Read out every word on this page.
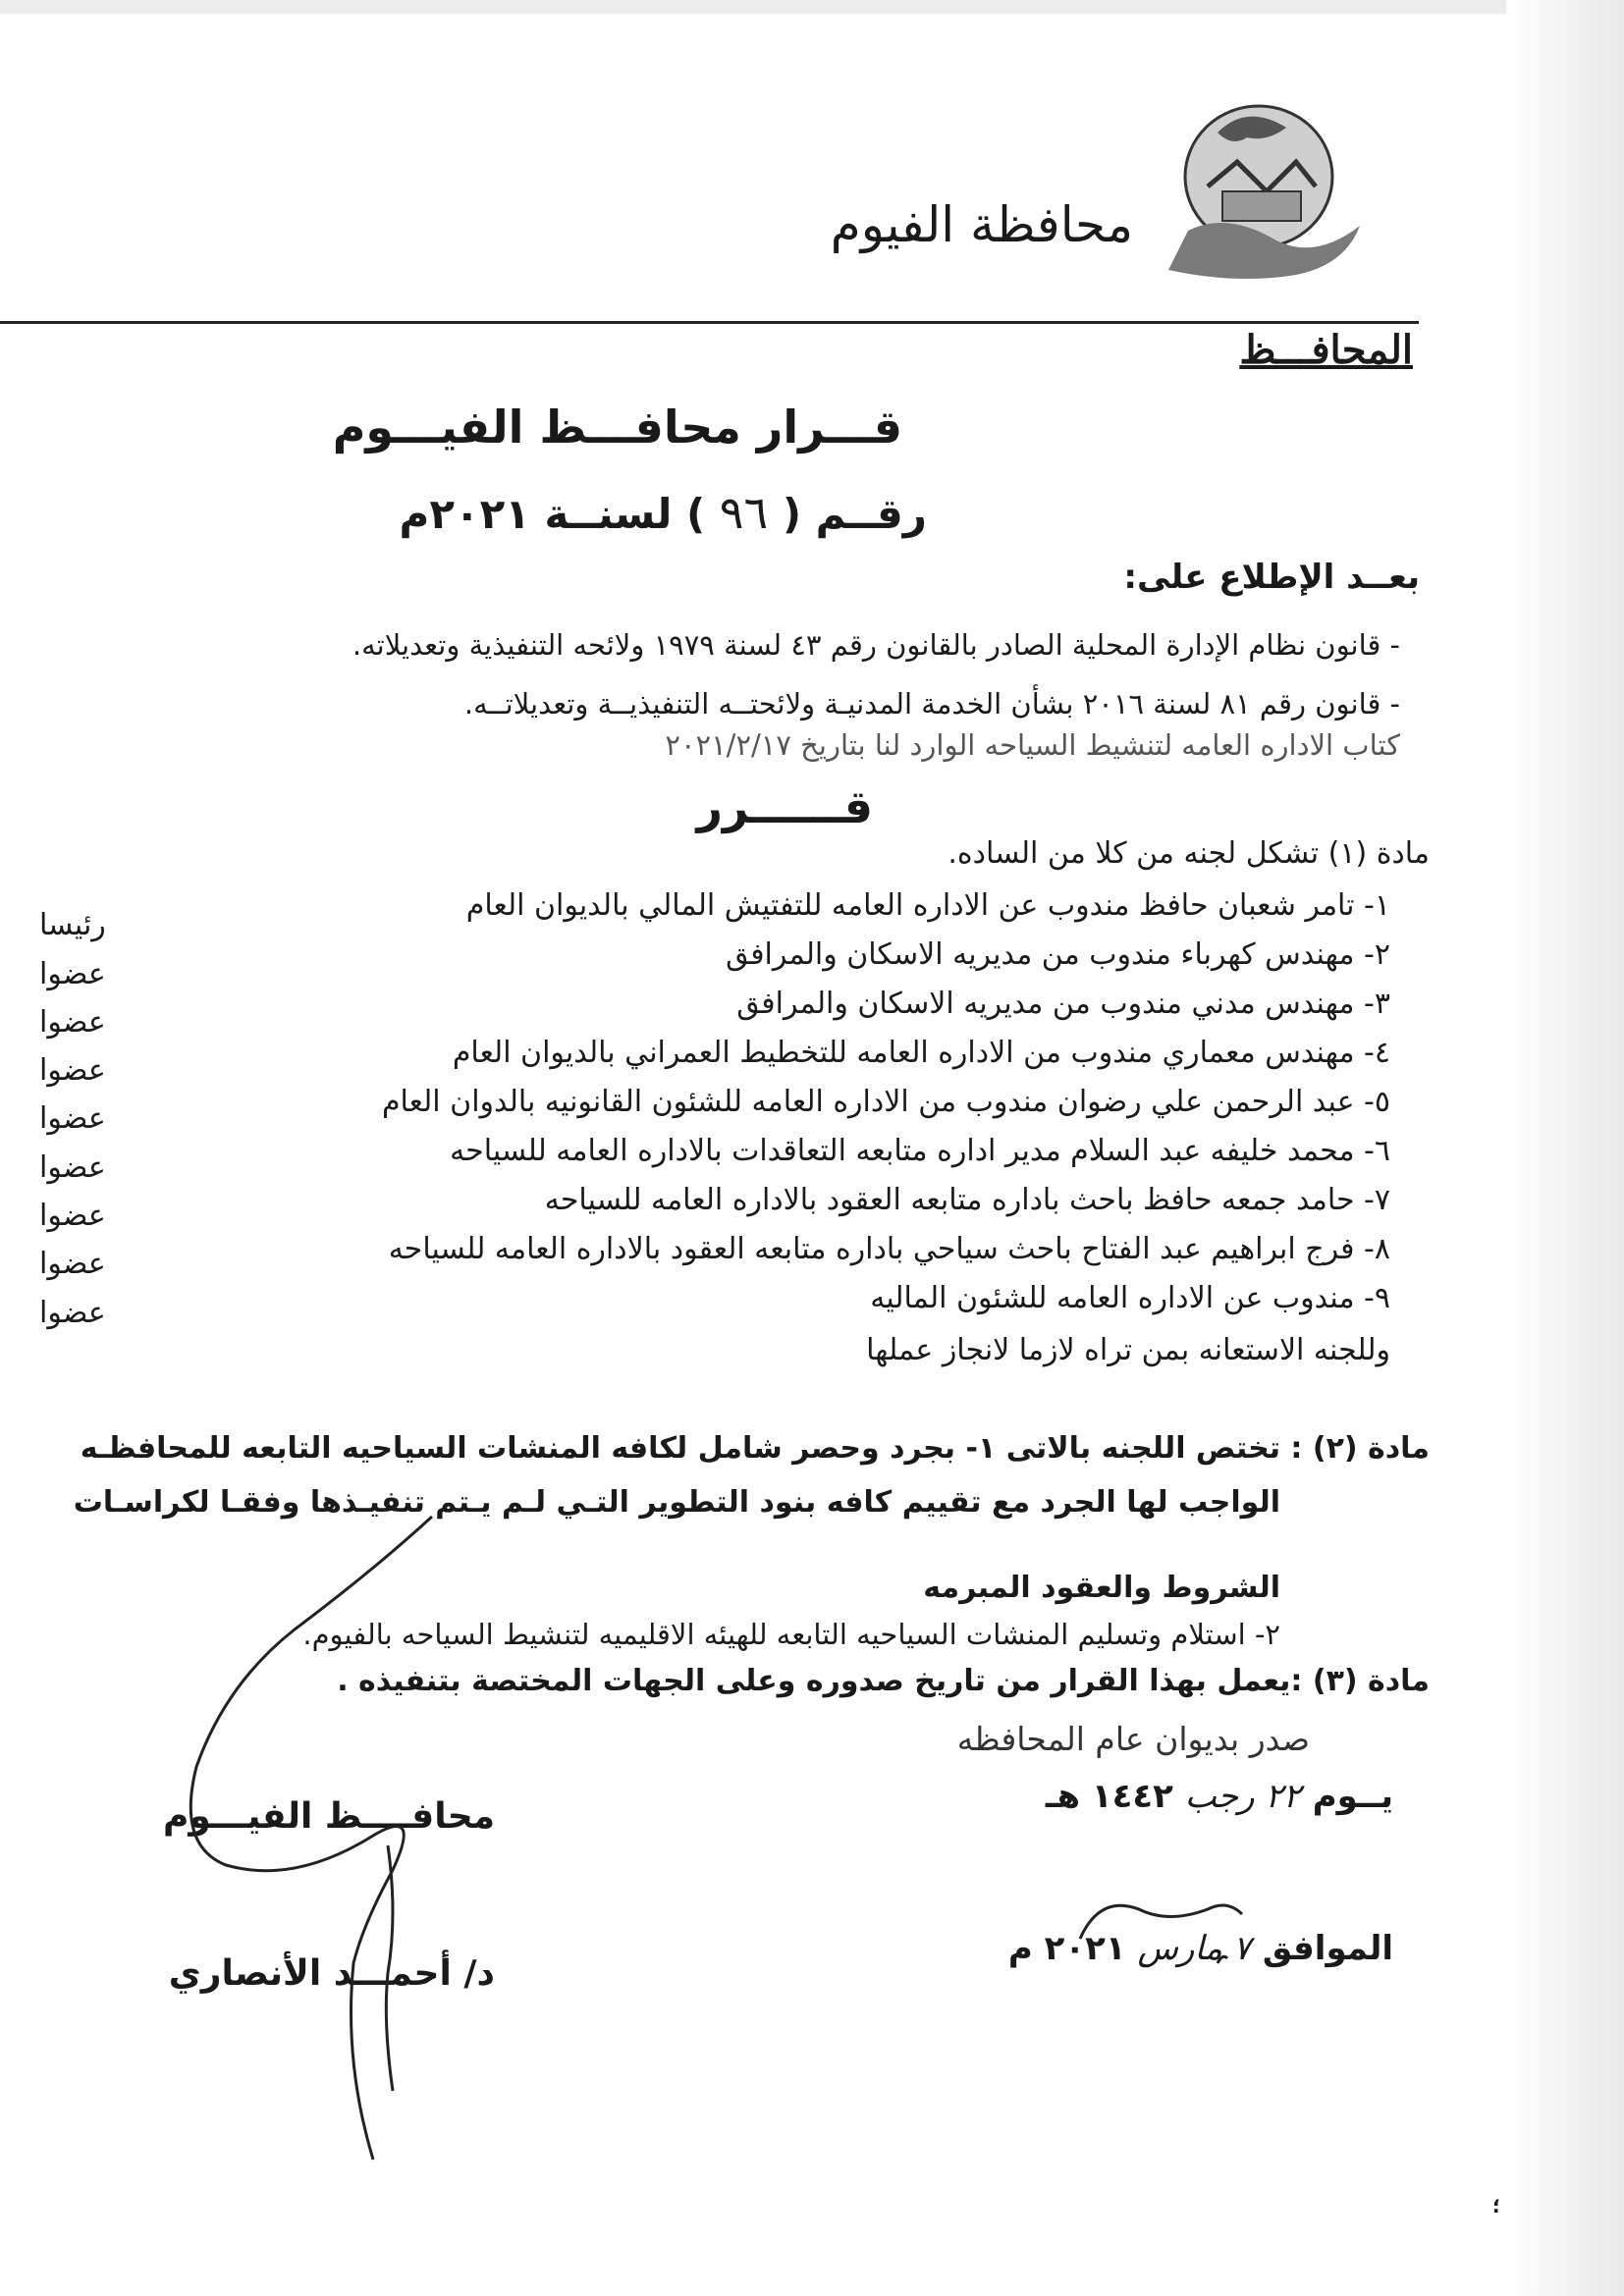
محافظة الفيوم
المحافـــظ
قـــرار محافـــظ الفيـــوم
رقــم ( ٩٦ ) لسنــة ٢٠٢١م
بعــد الإطلاع على:
- قانون نظام الإدارة المحلية الصادر بالقانون رقم ٤٣ لسنة ١٩٧٩ ولائحه التنفيذية وتعديلاته.
- قانون رقم ٨١ لسنة ٢٠١٦ بشأن الخدمة المدنيـة ولائحتــه التنفيذيــة وتعديلاتــه.
كتاب الاداره العامه لتنشيط السياحه الوارد لنا بتاريخ ٢٠٢١/٢/١٧
قــــــرر
مادة (١) تشكل لجنه من كلا من الساده.
١- تامر شعبان حافظ مندوب عن الاداره العامه للتفتيش المالي بالديوان العام
رئيسا
٢- مهندس كهرباء مندوب من مديريه الاسكان والمرافق
عضوا
٣- مهندس مدني مندوب من مديريه الاسكان والمرافق
عضوا
٤- مهندس معماري مندوب من الاداره العامه للتخطيط العمراني بالديوان العام
عضوا
٥- عبد الرحمن علي رضوان مندوب من الاداره العامه للشئون القانونيه بالدوان العام
عضوا
٦- محمد خليفه عبد السلام مدير اداره متابعه التعاقدات بالاداره العامه للسياحه
عضوا
٧- حامد جمعه حافظ باحث باداره متابعه العقود بالاداره العامه للسياحه
عضوا
٨- فرج ابراهيم عبد الفتاح باحث سياحي باداره متابعه العقود بالاداره العامه للسياحه
عضوا
٩- مندوب عن الاداره العامه للشئون الماليه
عضوا
وللجنه الاستعانه بمن تراه لازما لانجاز عملها
مادة (٢) : تختص اللجنه بالاتى ١- بجرد وحصر شامل لكافه المنشات السياحيه التابعه للمحافظـه
الواجب لها الجرد مع تقييم كافه بنود التطوير التـي لـم يـتم تنفيـذها وفقـا لكراسـات
الشروط والعقود المبرمه
٢- استلام وتسليم المنشات السياحيه التابعه للهيئه الاقليميه لتنشيط السياحه بالفيوم.
مادة (٣) :يعمل بهذا القرار من تاريخ صدوره وعلى الجهات المختصة بتنفيذه .
صدر بديوان عام المحافظه
يــوم ٢٢ رجب ١٤٤٢ هـ
الموافق ٧ مارس ٢٠٢١ م
محافــــظ الفيـــوم
د/ أحمـــد الأنصاري
؛
